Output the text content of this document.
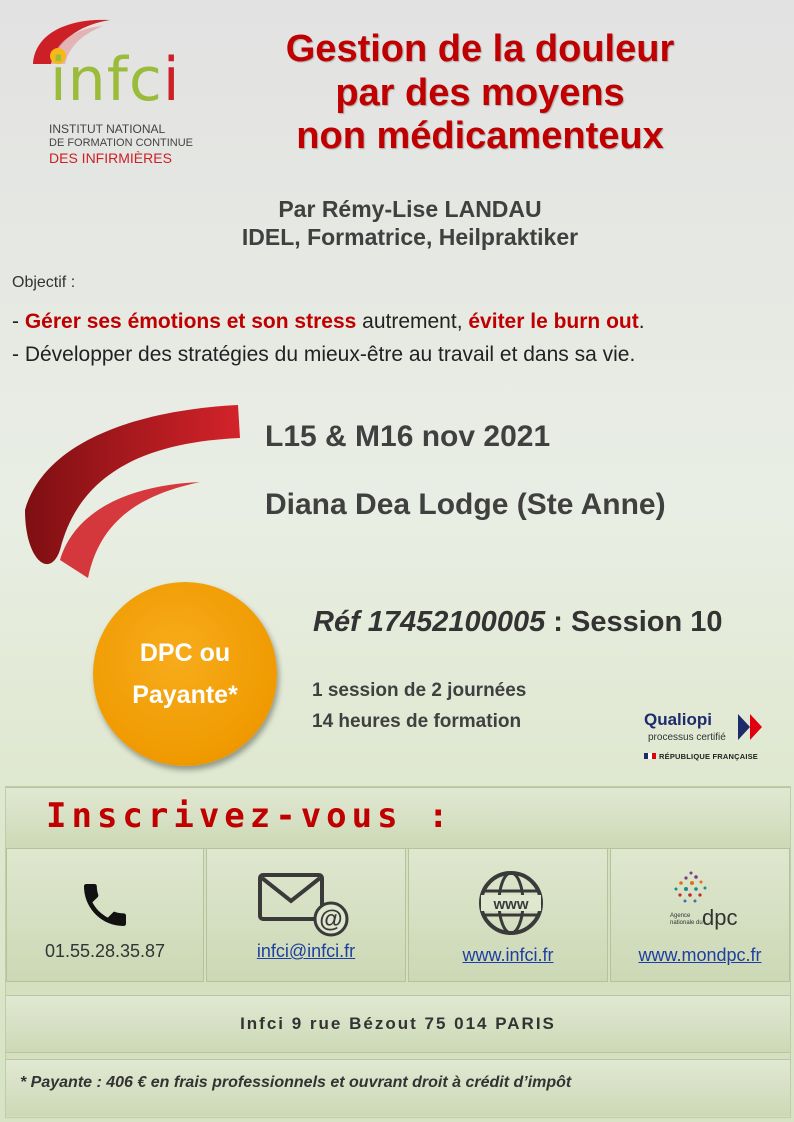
infci
INSTITUT NATIONAL
DE FORMATION CONTINUE
DES INFIRMIÈRES
Gestion de la douleur
par des moyens
non médicamenteux
Par Rémy-Lise LANDAU
IDEL, Formatrice, Heilpraktiker
Objectif :
- Gérer ses émotions et son stress autrement, éviter le burn out.
- Développer des stratégies du mieux-être au travail et dans sa vie.
L15 & M16 nov 2021
Diana Dea Lodge (Ste Anne)
DPC ou
Payante*
Réf 17452100005 : Session 10
1 session de 2 journées
14 heures de formation	Qualiopi
processus certifié
RÉPUBLIQUE FRANÇAISE
Inscrivez-vous :
01.55.28.35.87
@
infci@infci.fr
www
www.infci.fr
Agence
nationale du dpc
www.mondpc.fr
Infci 9 rue Bézout 75 014 PARIS
* Payante : 406 € en frais professionnels et ouvrant droit à crédit d’impôt
